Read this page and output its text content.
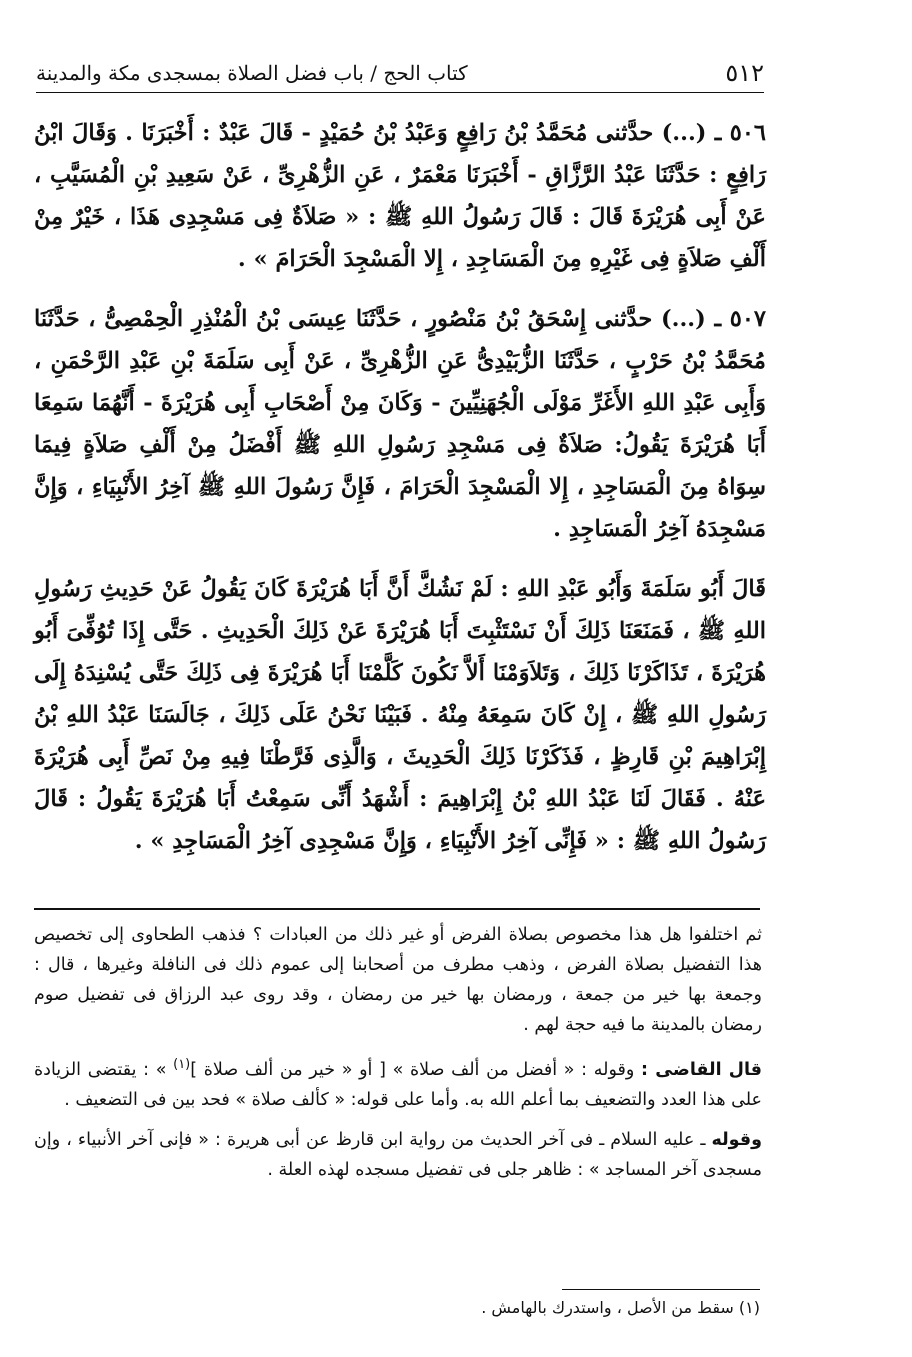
٥١٢
كتاب الحج / باب فضل الصلاة بمسجدى مكة والمدينة

٥٠٦ ـ (...) حدَّثنى مُحَمَّدُ بْنُ رَافِعٍ وَعَبْدُ بْنُ حُمَيْدٍ - قَالَ عَبْدٌ : أَخْبَرَنَا . وَقَالَ ابْنُ رَافِعٍ : حَدَّثَنَا عَبْدُ الرَّزَّاقِ - أَخْبَرَنَا مَعْمَرٌ ، عَنِ الزُّهْرِىِّ ، عَنْ سَعِيدِ بْنِ الْمُسَيَّبِ ، عَنْ أَبِى هُرَيْرَةَ قَالَ : قَالَ رَسُولُ اللهِ ﷺ : « صَلاَةٌ فِى مَسْجِدِى هَذَا ، خَيْرٌ مِنْ أَلْفِ صَلاَةٍ فِى غَيْرِهِ مِنَ الْمَسَاجِدِ ، إِلا الْمَسْجِدَ الْحَرَامَ » .

٥٠٧ ـ (...) حدَّثنى إِسْحَقُ بْنُ مَنْصُورٍ ، حَدَّثَنَا عِيسَى بْنُ الْمُنْذِرِ الْحِمْصِىُّ ، حَدَّثَنَا مُحَمَّدُ بْنُ حَرْبٍ ، حَدَّثَنَا الزُّبَيْدِىُّ عَنِ الزُّهْرِىِّ ، عَنْ أَبِى سَلَمَةَ بْنِ عَبْدِ الرَّحْمَنِ ، وَأَبِى عَبْدِ اللهِ الأَغَرِّ مَوْلَى الْجُهَنِيِّينَ - وَكَانَ مِنْ أَصْحَابِ أَبِى هُرَيْرَةَ - أَنَّهُمَا سَمِعَا أَبَا هُرَيْرَةَ يَقُولُ: صَلاَةٌ فِى مَسْجِدِ رَسُولِ اللهِ ﷺ أَفْضَلُ مِنْ أَلْفِ صَلاَةٍ فِيمَا سِوَاهُ مِنَ الْمَسَاجِدِ ، إِلا الْمَسْجِدَ الْحَرَامَ ، فَإِنَّ رَسُولَ اللهِ ﷺ آخِرُ الأَنْبِيَاءِ ، وَإِنَّ مَسْجِدَهُ آخِرُ الْمَسَاجِدِ .

قَالَ أَبُو سَلَمَةَ وَأَبُو عَبْدِ اللهِ : لَمْ نَشُكَّ أَنَّ أَبَا هُرَيْرَةَ كَانَ يَقُولُ عَنْ حَدِيثِ رَسُولِ اللهِ ﷺ ، فَمَنَعَنَا ذَلِكَ أَنْ نَسْتَثْبِتَ أَبَا هُرَيْرَةَ عَنْ ذَلِكَ الْحَدِيثِ . حَتَّى إِذَا تُوُفِّىَ أَبُو هُرَيْرَةَ ، تَذَاكَرْنَا ذَلِكَ ، وَتَلاَوَمْنَا أَلاَّ نَكُونَ كَلَّمْنَا أَبَا هُرَيْرَةَ فِى ذَلِكَ حَتَّى يُسْنِدَهُ إِلَى رَسُولِ اللهِ ﷺ ، إِنْ كَانَ سَمِعَهُ مِنْهُ . فَبَيْنَا نَحْنُ عَلَى ذَلِكَ ، جَالَسَنَا عَبْدُ اللهِ بْنُ إِبْرَاهِيمَ بْنِ قَارِظٍ ، فَذَكَرْنَا ذَلِكَ الْحَدِيثَ ، وَالَّذِى فَرَّطْنَا فِيهِ مِنْ نَصِّ أَبِى هُرَيْرَةَ عَنْهُ . فَقَالَ لَنَا عَبْدُ اللهِ بْنُ إِبْرَاهِيمَ : أَشْهَدُ أَنِّى سَمِعْتُ أَبَا هُرَيْرَةَ يَقُولُ : قَالَ رَسُولُ اللهِ ﷺ : « فَإِنِّى آخِرُ الأَنْبِيَاءِ ، وَإِنَّ مَسْجِدِى آخِرُ الْمَسَاجِدِ » .

ثم اختلفوا هل هذا مخصوص بصلاة الفرض أو غير ذلك من العبادات ؟ فذهب الطحاوى إلى تخصيص هذا التفضيل بصلاة الفرض ، وذهب مطرف من أصحابنا إلى عموم ذلك فى النافلة وغيرها ، قال : وجمعة بها خير من جمعة ، ورمضان بها خير من رمضان ، وقد روى عبد الرزاق فى تفضيل صوم رمضان بالمدينة ما فيه حجة لهم .

قال القاضى : وقوله : « أفضل من ألف صلاة » [ أو « خير من ألف صلاة ]$^{(١)}$ » : يقتضى الزيادة على هذا العدد والتضعيف بما أعلم الله به. وأما على قوله: « كألف صلاة » فحد بين فى التضعيف .

وقوله ـ عليه السلام ـ فى آخر الحديث من رواية ابن قارظ عن أبى هريرة : « فإنى آخر الأنبياء ، وإن مسجدى آخر المساجد » : ظاهر جلى فى تفضيل مسجده لهذه العلة .

(١) سقط من الأصل ، واستدرك بالهامش .
